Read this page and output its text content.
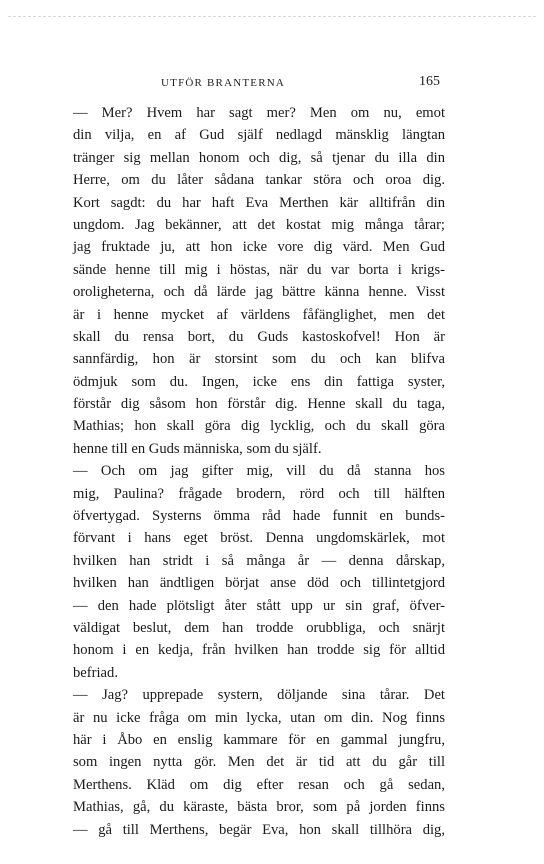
UTFÖR BRANTERNA	165
— Mer? Hvem har sagt mer? Men om nu, emot
din vilja, en af Gud själf nedlagd mänsklig längtan
tränger sig mellan honom och dig, så tjenar du illa din
Herre, om du låter sådana tankar störa och oroa dig.
Kort sagdt: du har haft Eva Merthen kär alltifrån din
ungdom. Jag bekänner, att det kostat mig många tårar;
jag fruktade ju, att hon icke vore dig värd. Men Gud
sände henne till mig i höstas, när du var borta i krigs-
oroligheterna, och då lärde jag bättre känna henne. Visst
är i henne mycket af världens fåfänglighet, men det
skall du rensa bort, du Guds kastoskofvel! Hon är
sannfärdig, hon är storsint som du och kan blifva
ödmjuk som du. Ingen, icke ens din fattiga syster,
förstår dig såsom hon förstår dig. Henne skall du taga,
Mathias; hon skall göra dig lycklig, och du skall göra
henne till en Guds människa, som du själf.
— Och om jag gifter mig, vill du då stanna hos
mig, Paulina? frågade brodern, rörd och till hälften
öfvertygad. Systerns ömma råd hade funnit en bunds-
förvant i hans eget bröst. Denna ungdomskärlek, mot
hvilken han stridt i så många år — denna dårskap,
hvilken han ändtligen börjat anse död och tillintetgjord
— den hade plötsligt åter stått upp ur sin graf, öfver-
väldigat beslut, dem han trodde orubbliga, och snärjt
honom i en kedja, från hvilken han trodde sig för alltid
befriad.
— Jag? upprepade systern, döljande sina tårar. Det
är nu icke fråga om min lycka, utan om din. Nog finns
här i Åbo en enslig kammare för en gammal jungfru,
som ingen nytta gör. Men det är tid att du går till
Merthens. Kläd om dig efter resan och gå sedan,
Mathias, gå, du käraste, bästa bror, som på jorden finns
— gå till Merthens, begär Eva, hon skall tillhöra dig,
